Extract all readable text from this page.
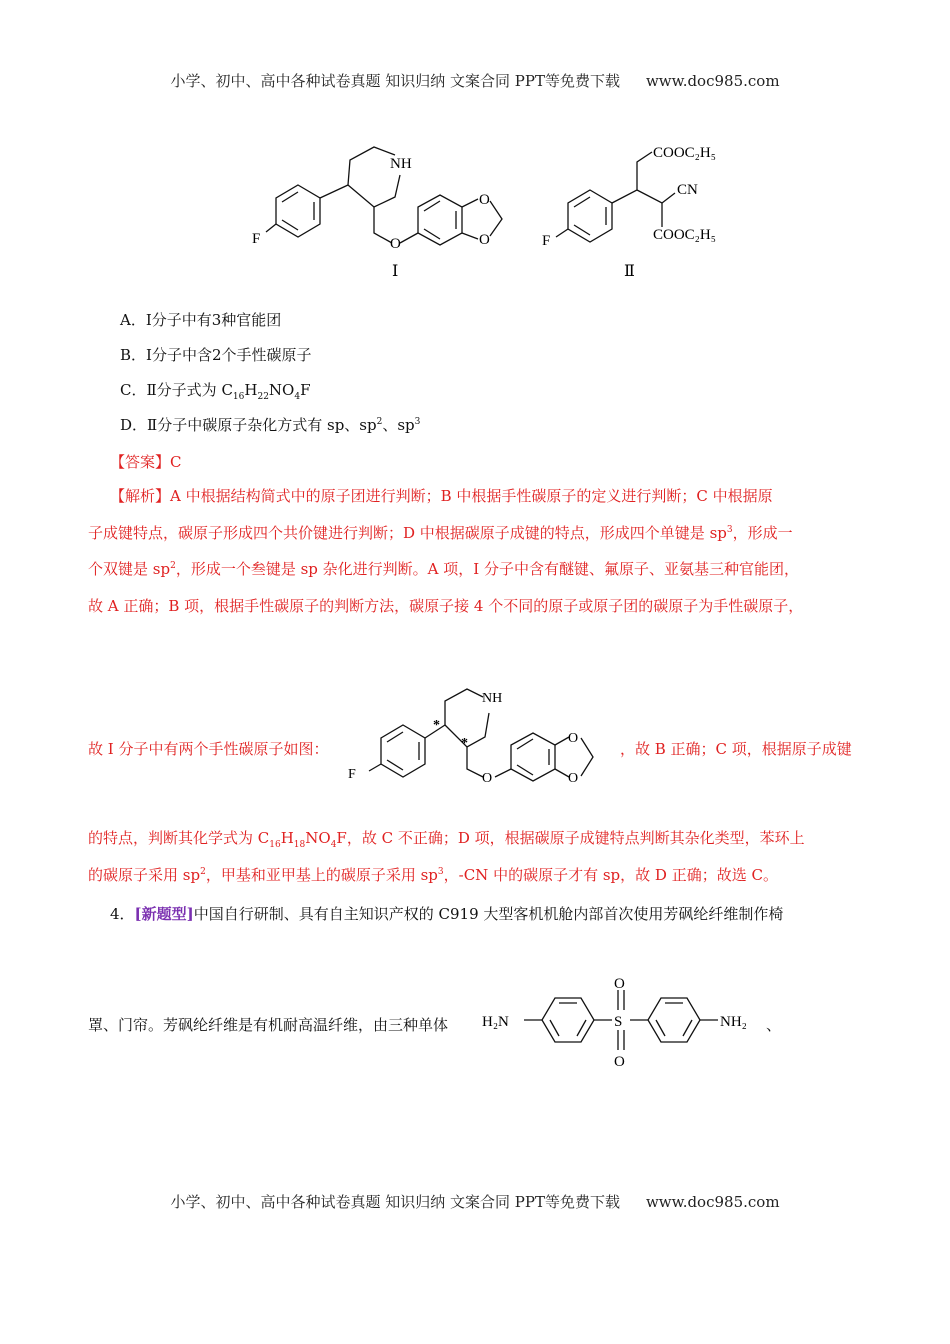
小学、初中、高中各种试卷真题 知识归纳 文案合同 PPT等免费下载 www.doc985.com
F
NH
O
O
O
Ⅰ
F
COOC₂H₅
CN
COOC₂H₅
Ⅱ
A．Ⅰ分子中有3种官能团
B．Ⅰ分子中含2个手性碳原子
C．Ⅱ分子式为 $C_{16}H_{22}NO_4F$
D．Ⅱ分子中碳原子杂化方式有 sp、$sp^2$、$sp^3$
【答案】C

【解析】A 中根据结构简式中的原子团进行判断；B 中根据手性碳原子的定义进行判断；C 中根据原

子成键特点，碳原子形成四个共价键进行判断；D 中根据碳原子成键的特点，形成四个单键是 $sp^3$，形成一

个双键是 $sp^2$，形成一个叁键是 sp 杂化进行判断。A 项，I 分子中含有醚键、氟原子、亚氨基三种官能团，

故 A 正确；B 项，根据手性碳原子的判断方法，碳原子接 4 个不同的原子或原子团的碳原子为手性碳原子，

故 I 分子中有两个手性碳原子如图：
F
NH
O
O
O
*
*	，故 B 正确；C 项，根据原子成键

的特点，判断其化学式为 $C_{16}H_{18}NO_4F$，故 C 不正确；D 项，根据碳原子成键特点判断其杂化类型，苯环上

的碳原子采用 $sp^2$，甲基和亚甲基上的碳原子采用 $sp^3$，-CN 中的碳原子才有 sp，故 D 正确；故选 C。

4．[新题型]中国自行研制、具有自主知识产权的 C919 大型客机机舱内部首次使用芳砜纶纤维制作椅
罩、门帘。芳砜纶纤维是有机耐高温纤维，由三种单体 H₂N	S
O
O
NH₂ 、
小学、初中、高中各种试卷真题 知识归纳 文案合同 PPT等免费下载 www.doc985.com
